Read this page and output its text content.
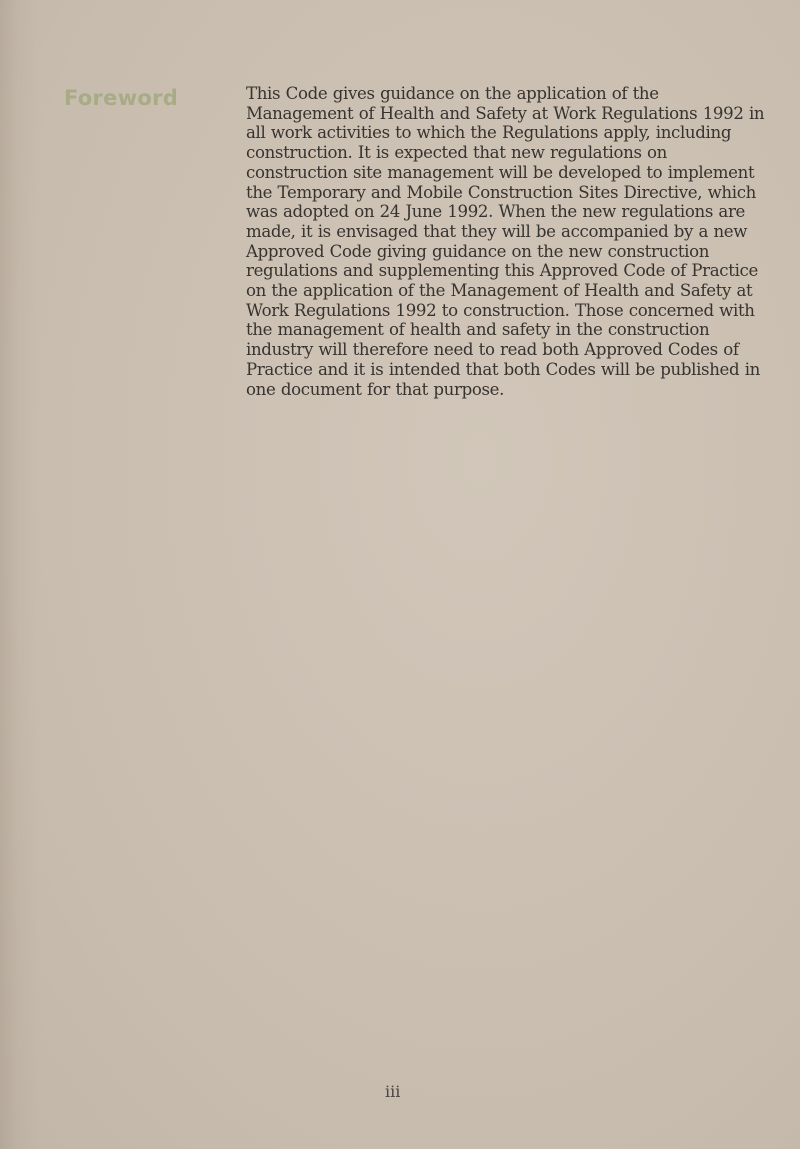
Foreword	This Code gives guidance on the application of the Management of Health and Safety at Work Regulations 1992 in all work activities to which the Regulations apply, including construction. It is expected that new regulations on construction site management will be developed to implement the Temporary and Mobile Construction Sites Directive, which was adopted on 24 June 1992. When the new regulations are made, it is envisaged that they will be accompanied by a new Approved Code giving guidance on the new construction regulations and supplementing this Approved Code of Practice on the application of the Management of Health and Safety at Work Regulations 1992 to construction. Those concerned with the management of health and safety in the construction industry will therefore need to read both Approved Codes of Practice and it is intended that both Codes will be published in one document for that purpose.

iii
